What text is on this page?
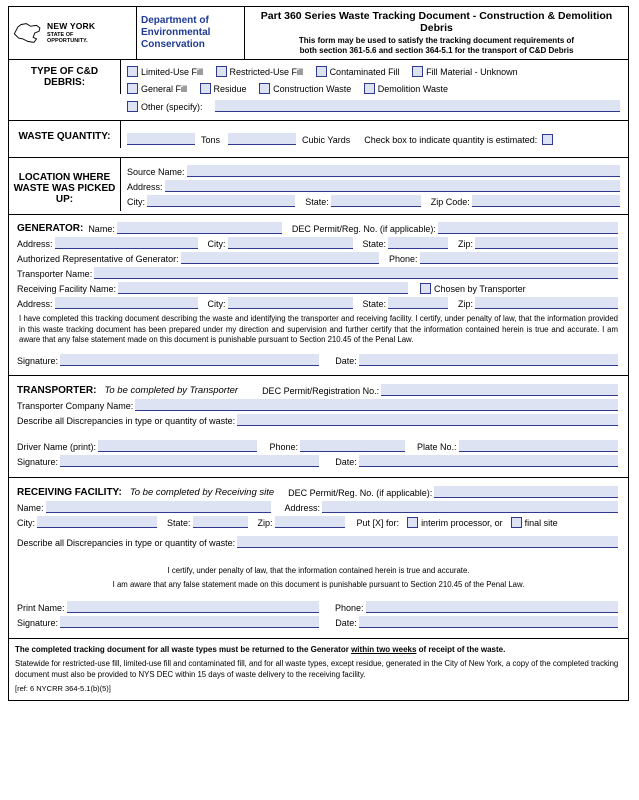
NEW YORK
STATE OF
OPPORTUNITY.
Department of Environmental Conservation
Part 360 Series Waste Tracking Document - Construction & Demolition Debris
This form may be used to satisfy the tracking document requirements of
both section 361-5.6 and section 364-5.1 for the transport of C&D Debris
TYPE OF C&D DEBRIS:
Limited-Use Fill
	Restricted-Use Fill
	Contaminated Fill
	Fill Material - Unknown
General Fill
	Residue
	Construction Waste
	Demolition Waste
Other (specify):
WASTE QUANTITY:	Tons	Cubic Yards Check box to indicate quantity is estimated:
LOCATION WHERE WASTE WAS PICKED UP:
Source Name:
Address:
City:	State:	Zip Code:
GENERATOR: Name:	DEC Permit/Reg. No. (if applicable):
Address:	City:	State:	Zip:
Authorized Representative of Generator:	Phone:
Transporter Name:
Receiving Facility Name:	Chosen by Transporter
Address:	City:	State:	Zip:
I have completed this tracking document describing the waste and identifying the transporter and receiving facility. I certify, under penalty of law, that the information provided in this waste tracking document has been prepared under my direction and supervision and further certify that the information contained herein is true and accurate. I am aware that any false statement made on this document is punishable pursuant to Section 210.45 of the Penal Law.
Signature:	Date:
TRANSPORTER: To be completed by Transporter	DEC Permit/Registration No.:
Transporter Company Name:
Describe all Discrepancies in type or quantity of waste:
Driver Name (print):	Phone:	Plate No.:
Signature:	Date:
RECEIVING FACILITY: To be completed by Receiving site DEC Permit/Reg. No. (if applicable):
Name:	Address:
City:	State:	Zip:	Put [X] for: interim processor, or final site
Describe all Discrepancies in type or quantity of waste:
I certify, under penalty of law, that the information contained herein is true and accurate.
I am aware that any false statement made on this document is punishable pursuant to Section 210.45 of the Penal Law.
Print Name:	Phone:
Signature:	Date:
The completed tracking document for all waste types must be returned to the Generator within two weeks of receipt of the waste.
Statewide for restricted-use fill, limited-use fill and contaminated fill, and for all waste types, except residue, generated in the City of New York, a copy of the completed tracking document must also be provided to NYS DEC within 15 days of waste delivery to the receiving facility.
[ref: 6 NYCRR 364-5.1(b)(5)]
